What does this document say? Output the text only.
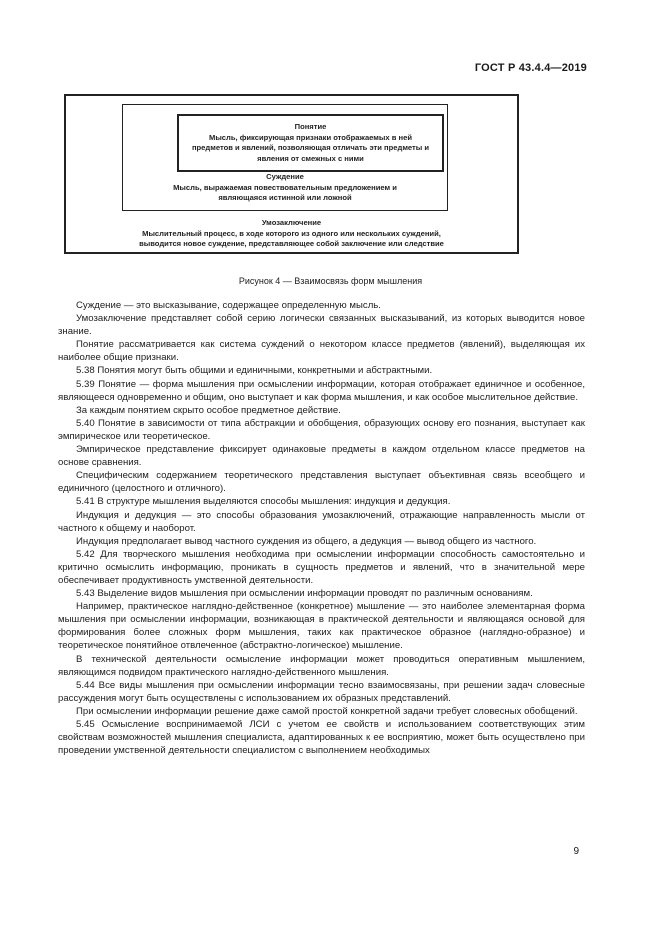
ГОСТ Р 43.4.4—2019
Понятие
Мысль, фиксирующая признаки отображаемых в ней предметов и явлений, позволяющая отличать эти предметы и явления от смежных с ними
Суждение
Мысль, выражаемая повествовательным предложением и являющаяся истинной или ложной
Умозаключение
Мыслительный процесс, в ходе которого из одного или нескольких суждений, выводится новое суждение, представляющее собой заключение или следствие
Рисунок 4 — Взаимосвязь форм мышления

Суждение — это высказывание, содержащее определенную мысль.

Умозаключение представляет собой серию логически связанных высказываний, из которых выводится новое знание.

Понятие рассматривается как система суждений о некотором классе предметов (явлений), выделяющая их наиболее общие признаки.

5.38 Понятия могут быть общими и единичными, конкретными и абстрактными.

5.39 Понятие — форма мышления при осмыслении информации, которая отображает единичное и особенное, являющееся одновременно и общим, оно выступает и как форма мышления, и как особое мыслительное действие.

За каждым понятием скрыто особое предметное действие.

5.40 Понятие в зависимости от типа абстракции и обобщения, образующих основу его познания, выступает как эмпирическое или теоретическое.

Эмпирическое представление фиксирует одинаковые предметы в каждом отдельном классе предметов на основе сравнения.

Специфическим содержанием теоретического представления выступает объективная связь всеобщего и единичного (целостного и отличного).

5.41 В структуре мышления выделяются способы мышления: индукция и дедукция.

Индукция и дедукция — это способы образования умозаключений, отражающие направленность мысли от частного к общему и наоборот.

Индукция предполагает вывод частного суждения из общего, а дедукция — вывод общего из частного.

5.42 Для творческого мышления необходима при осмыслении информации способность самостоятельно и критично осмыслить информацию, проникать в сущность предметов и явлений, что в значительной мере обеспечивает продуктивность умственной деятельности.

5.43 Выделение видов мышления при осмыслении информации проводят по различным основаниям.

Например, практическое наглядно-действенное (конкретное) мышление — это наиболее элементарная форма мышления при осмыслении информации, возникающая в практической деятельности и являющаяся основой для формирования более сложных форм мышления, таких как практическое образное (наглядно-образное) и теоретическое понятийное отвлеченное (абстрактно-логическое) мышление.

В технической деятельности осмысление информации может проводиться оперативным мышлением, являющимся подвидом практического наглядно-действенного мышления.

5.44 Все виды мышления при осмыслении информации тесно взаимосвязаны, при решении задач словесные рассуждения могут быть осуществлены с использованием их образных представлений.

При осмыслении информации решение даже самой простой конкретной задачи требует словесных обобщений.

5.45 Осмысление воспринимаемой ЛСИ с учетом ее свойств и использованием соответствующих этим свойствам возможностей мышления специалиста, адаптированных к ее восприятию, может быть осуществлено при проведении умственной деятельности специалистом с выполнением необходимых

9
